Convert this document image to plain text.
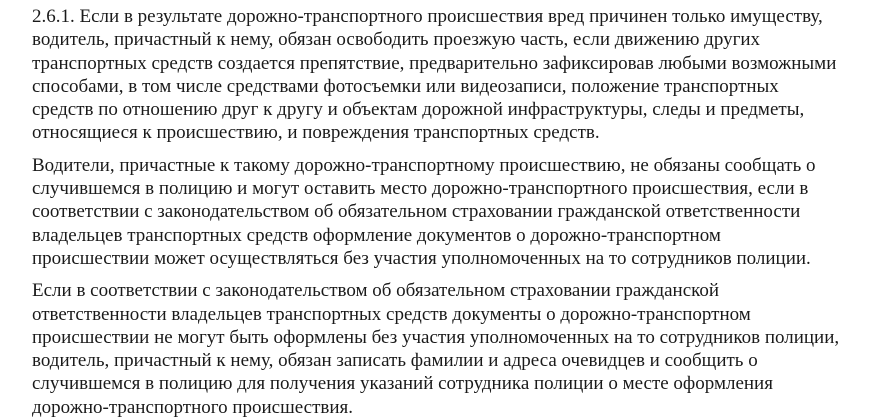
2.6.1. Если в результате дорожно-транспортного происшествия вред причинен только имуществу, водитель, причастный к нему, обязан освободить проезжую часть, если движению других транспортных средств создается препятствие, предварительно зафиксировав любыми возможными способами, в том числе средствами фотосъемки или видеозаписи, положение транспортных средств по отношению друг к другу и объектам дорожной инфраструктуры, следы и предметы, относящиеся к происшествию, и повреждения транспортных средств.

Водители, причастные к такому дорожно-транспортному происшествию, не обязаны сообщать о случившемся в полицию и могут оставить место дорожно-транспортного происшествия, если в соответствии с законодательством об обязательном страховании гражданской ответственности владельцев транспортных средств оформление документов о дорожно-транспортном происшествии может осуществляться без участия уполномоченных на то сотрудников полиции.

Если в соответствии с законодательством об обязательном страховании гражданской ответственности владельцев транспортных средств документы о дорожно-транспортном происшествии не могут быть оформлены без участия уполномоченных на то сотрудников полиции, водитель, причастный к нему, обязан записать фамилии и адреса очевидцев и сообщить о случившемся в полицию для получения указаний сотрудника полиции о месте оформления дорожно-транспортного происшествия.
